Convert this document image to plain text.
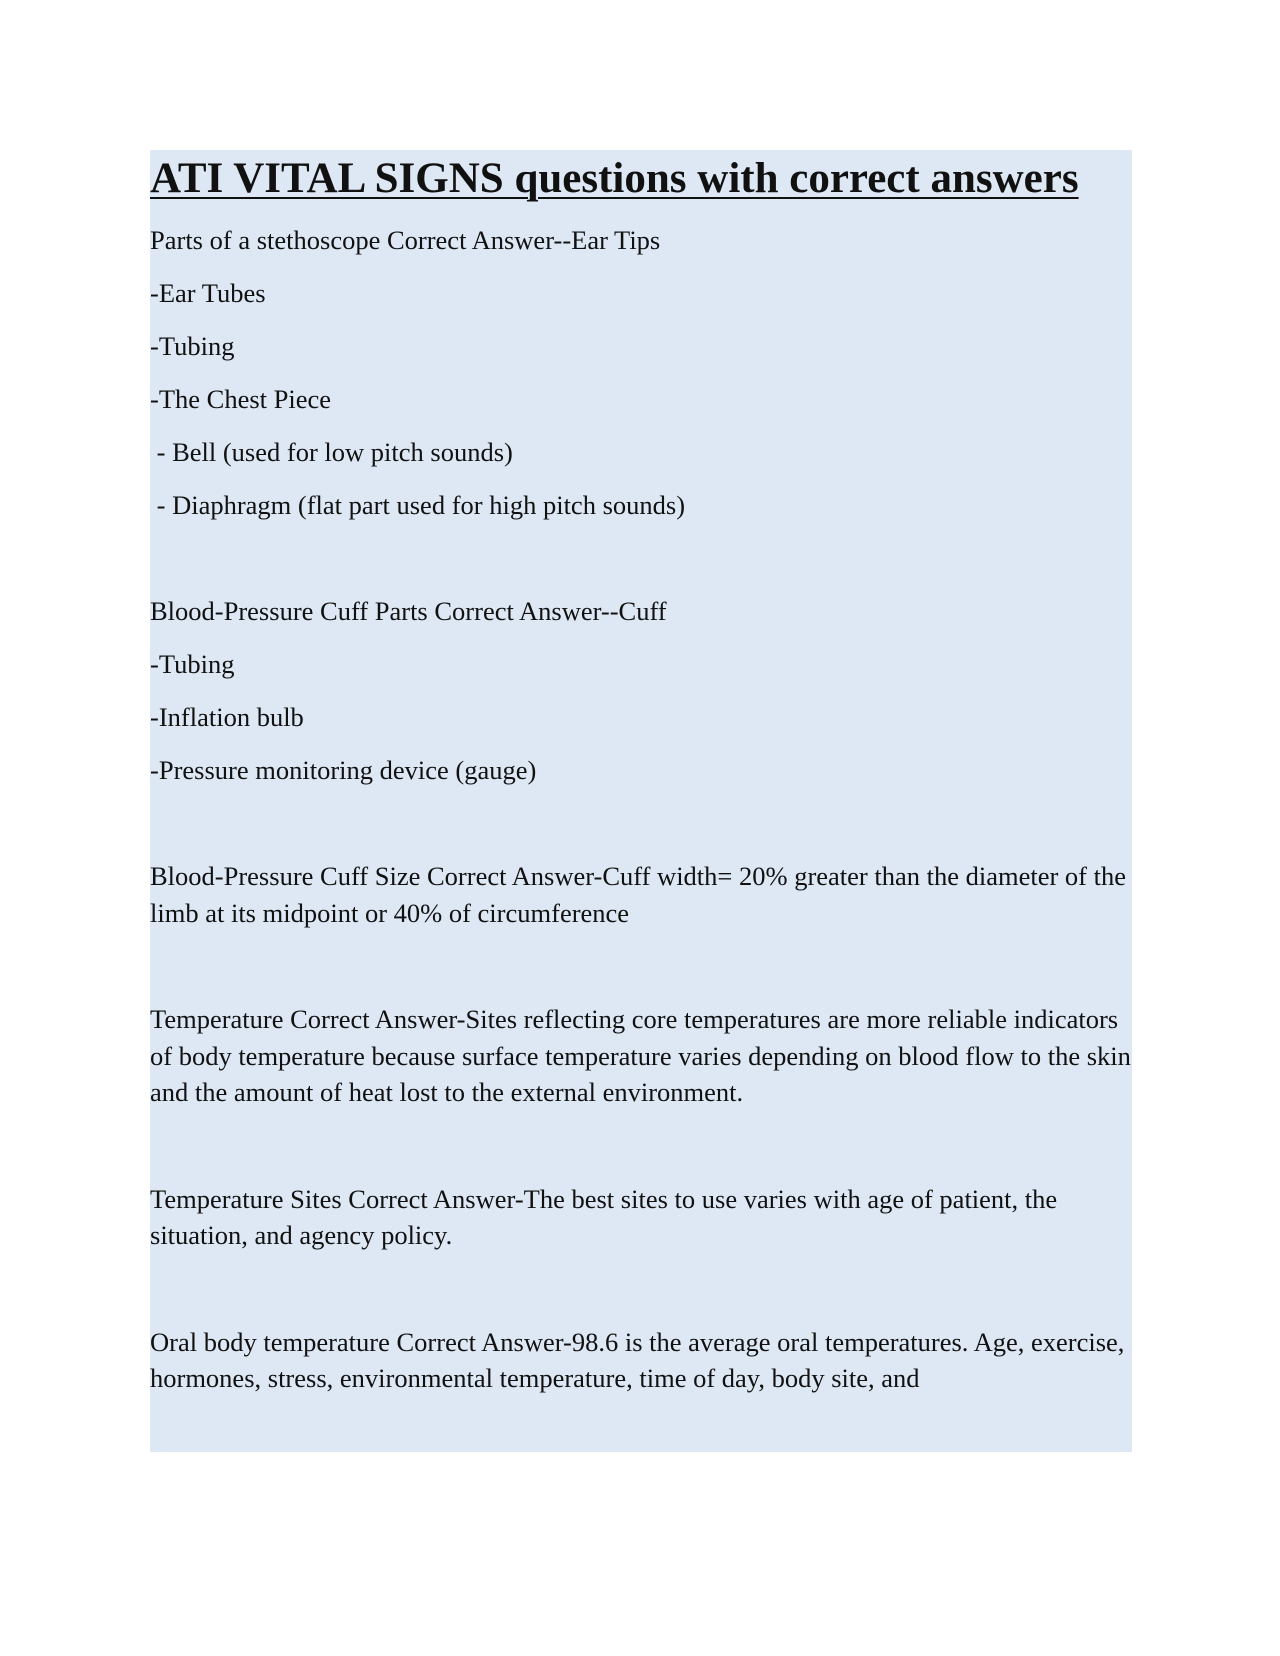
ATI VITAL SIGNS questions with correct answers
Parts of a stethoscope Correct Answer--Ear Tips
-Ear Tubes
-Tubing
-The Chest Piece
- Bell (used for low pitch sounds)
- Diaphragm (flat part used for high pitch sounds)
Blood-Pressure Cuff Parts Correct Answer--Cuff
-Tubing
-Inflation bulb
-Pressure monitoring device (gauge)
Blood-Pressure Cuff Size Correct Answer-Cuff width= 20% greater than the diameter of the limb at its midpoint or 40% of circumference
Temperature Correct Answer-Sites reflecting core temperatures are more reliable indicators of body temperature because surface temperature varies depending on blood flow to the skin and the amount of heat lost to the external environment.
Temperature Sites Correct Answer-The best sites to use varies with age of patient, the situation, and agency policy.
Oral body temperature Correct Answer-98.6 is the average oral temperatures. Age, exercise, hormones, stress, environmental temperature, time of day, body site, and
